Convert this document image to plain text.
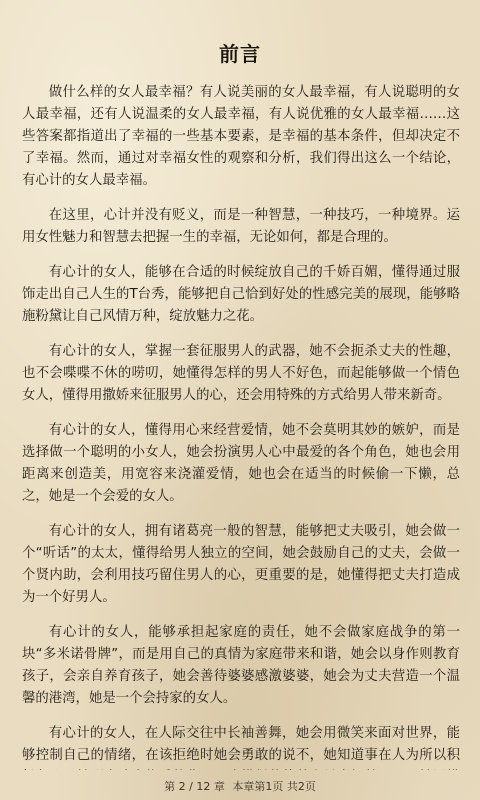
前言

做什么样的女人最幸福？有人说美丽的女人最幸福，有人说聪明的女人最幸福，还有人说温柔的女人最幸福，有人说优雅的女人最幸福……这些答案都指道出了幸福的一些基本要素，是幸福的基本条件，但却决定不了幸福。然而，通过对幸福女性的观察和分析，我们得出这么一个结论，有心计的女人最幸福。

在这里，心计并没有贬义，而是一种智慧，一种技巧，一种境界。运用女性魅力和智慧去把握一生的幸福，无论如何，都是合理的。

有心计的女人，能够在合适的时候绽放自己的千娇百媚，懂得通过服饰走出自己人生的T台秀，能够把自己恰到好处的性感完美的展现，能够略施粉黛让自己风情万种，绽放魅力之花。

有心计的女人，掌握一套征服男人的武器，她不会扼杀丈夫的性趣，也不会喋喋不休的唠叨，她懂得怎样的男人不好色，而起能够做一个情色女人，懂得用撒娇来征服男人的心，还会用特殊的方式给男人带来新奇。

有心计的女人，懂得用心来经营爱情，她不会莫明其妙的嫉妒，而是选择做一个聪明的小女人，她会扮演男人心中最爱的各个角色，她也会用距离来创造美，用宽容来浇灌爱情，她也会在适当的时候偷一下懒，总之，她是一个会爱的女人。

有心计的女人，拥有诸葛亮一般的智慧，能够把丈夫吸引，她会做一个“听话”的太太，懂得给男人独立的空间，她会鼓励自己的丈夫，会做一个贤内助，会利用技巧留住男人的心，更重要的是，她懂得把丈夫打造成为一个好男人。

有心计的女人，能够承担起家庭的责任，她不会做家庭战争的第一块“多米诺骨牌”，而是用自己的真情为家庭带来和谐，她会以身作则教育孩子，会亲自养育孩子，她会善待婆婆感激婆婆，她会为丈夫营造一个温馨的港湾，她是一个会持家的女人。

有心计的女人，在人际交往中长袖善舞，她会用微笑来面对世界，能够控制自己的情绪，在该拒绝时她会勇敢的说不，她知道事在人为所以积

第 2 / 12 章 本章第1页 共2页
